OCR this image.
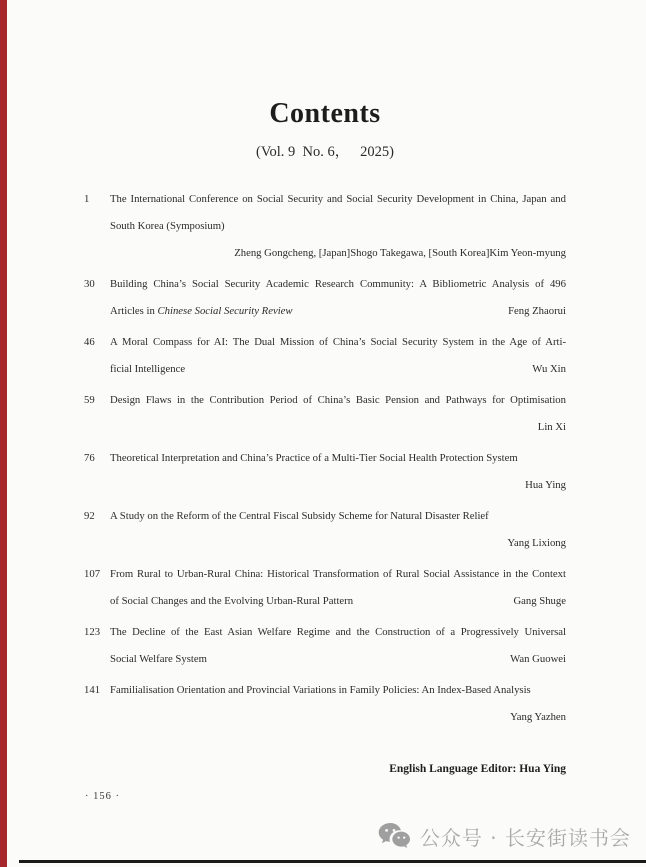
Contents
(Vol. 9  No. 6，   2025)
1	The International Conference on Social Security and Social Security Development in China, Japan and
South Korea (Symposium)
Zheng Gongcheng, [Japan]Shogo Takegawa, [South Korea]Kim Yeon-myung
30	Building China’s Social Security Academic Research Community: A Bibliometric Analysis of 496
Articles in Chinese Social Security Review	Feng Zhaorui
46	A Moral Compass for AI: The Dual Mission of China’s Social Security System in the Age of Arti-
ficial Intelligence	Wu Xin
59	Design Flaws in the Contribution Period of China’s Basic Pension and Pathways for Optimisation
Lin Xi
76	Theoretical Interpretation and China’s Practice of a Multi-Tier Social Health Protection System
Hua Ying
92	A Study on the Reform of the Central Fiscal Subsidy Scheme for Natural Disaster Relief
Yang Lixiong
107 From Rural to Urban-Rural China: Historical Transformation of Rural Social Assistance in the Context
of Social Changes and the Evolving Urban-Rural Pattern	Gang Shuge
123 The Decline of the East Asian Welfare Regime and the Construction of a Progressively Universal
Social Welfare System	Wan Guowei
141 Familialisation Orientation and Provincial Variations in Family Policies: An Index-Based Analysis
Yang Yazhen
English Language Editor: Hua Ying
· 156 ·
公众号 · 长安街读书会
